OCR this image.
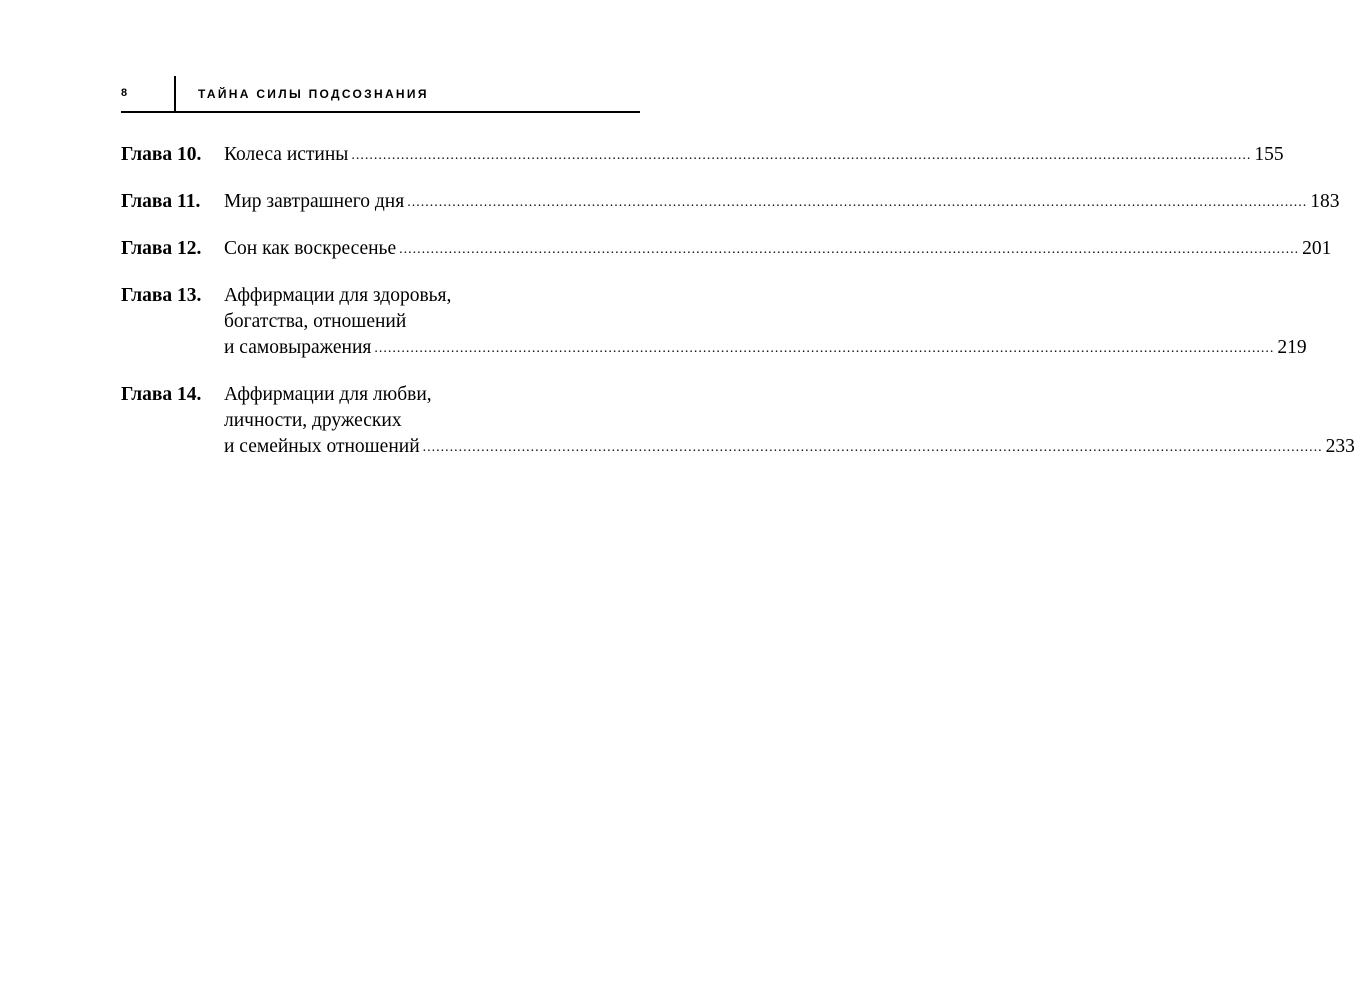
8	ТАЙНА СИЛЫ ПОДСОЗНАНИЯ
Глава 10.	Колеса истины ........................................................................................................................................................................................................ 155
Глава 11.	Мир завтрашнего дня ........................................................................................................................................................................................................ 183
Глава 12.	Сон как воскресенье ........................................................................................................................................................................................................ 201
Глава 13.	Аффирмации для здоровья,
богатства, отношений
и самовыражения ........................................................................................................................................................................................................ 219
Глава 14.	Аффирмации для любви,
личности, дружеских
и семейных отношений ........................................................................................................................................................................................................ 233
